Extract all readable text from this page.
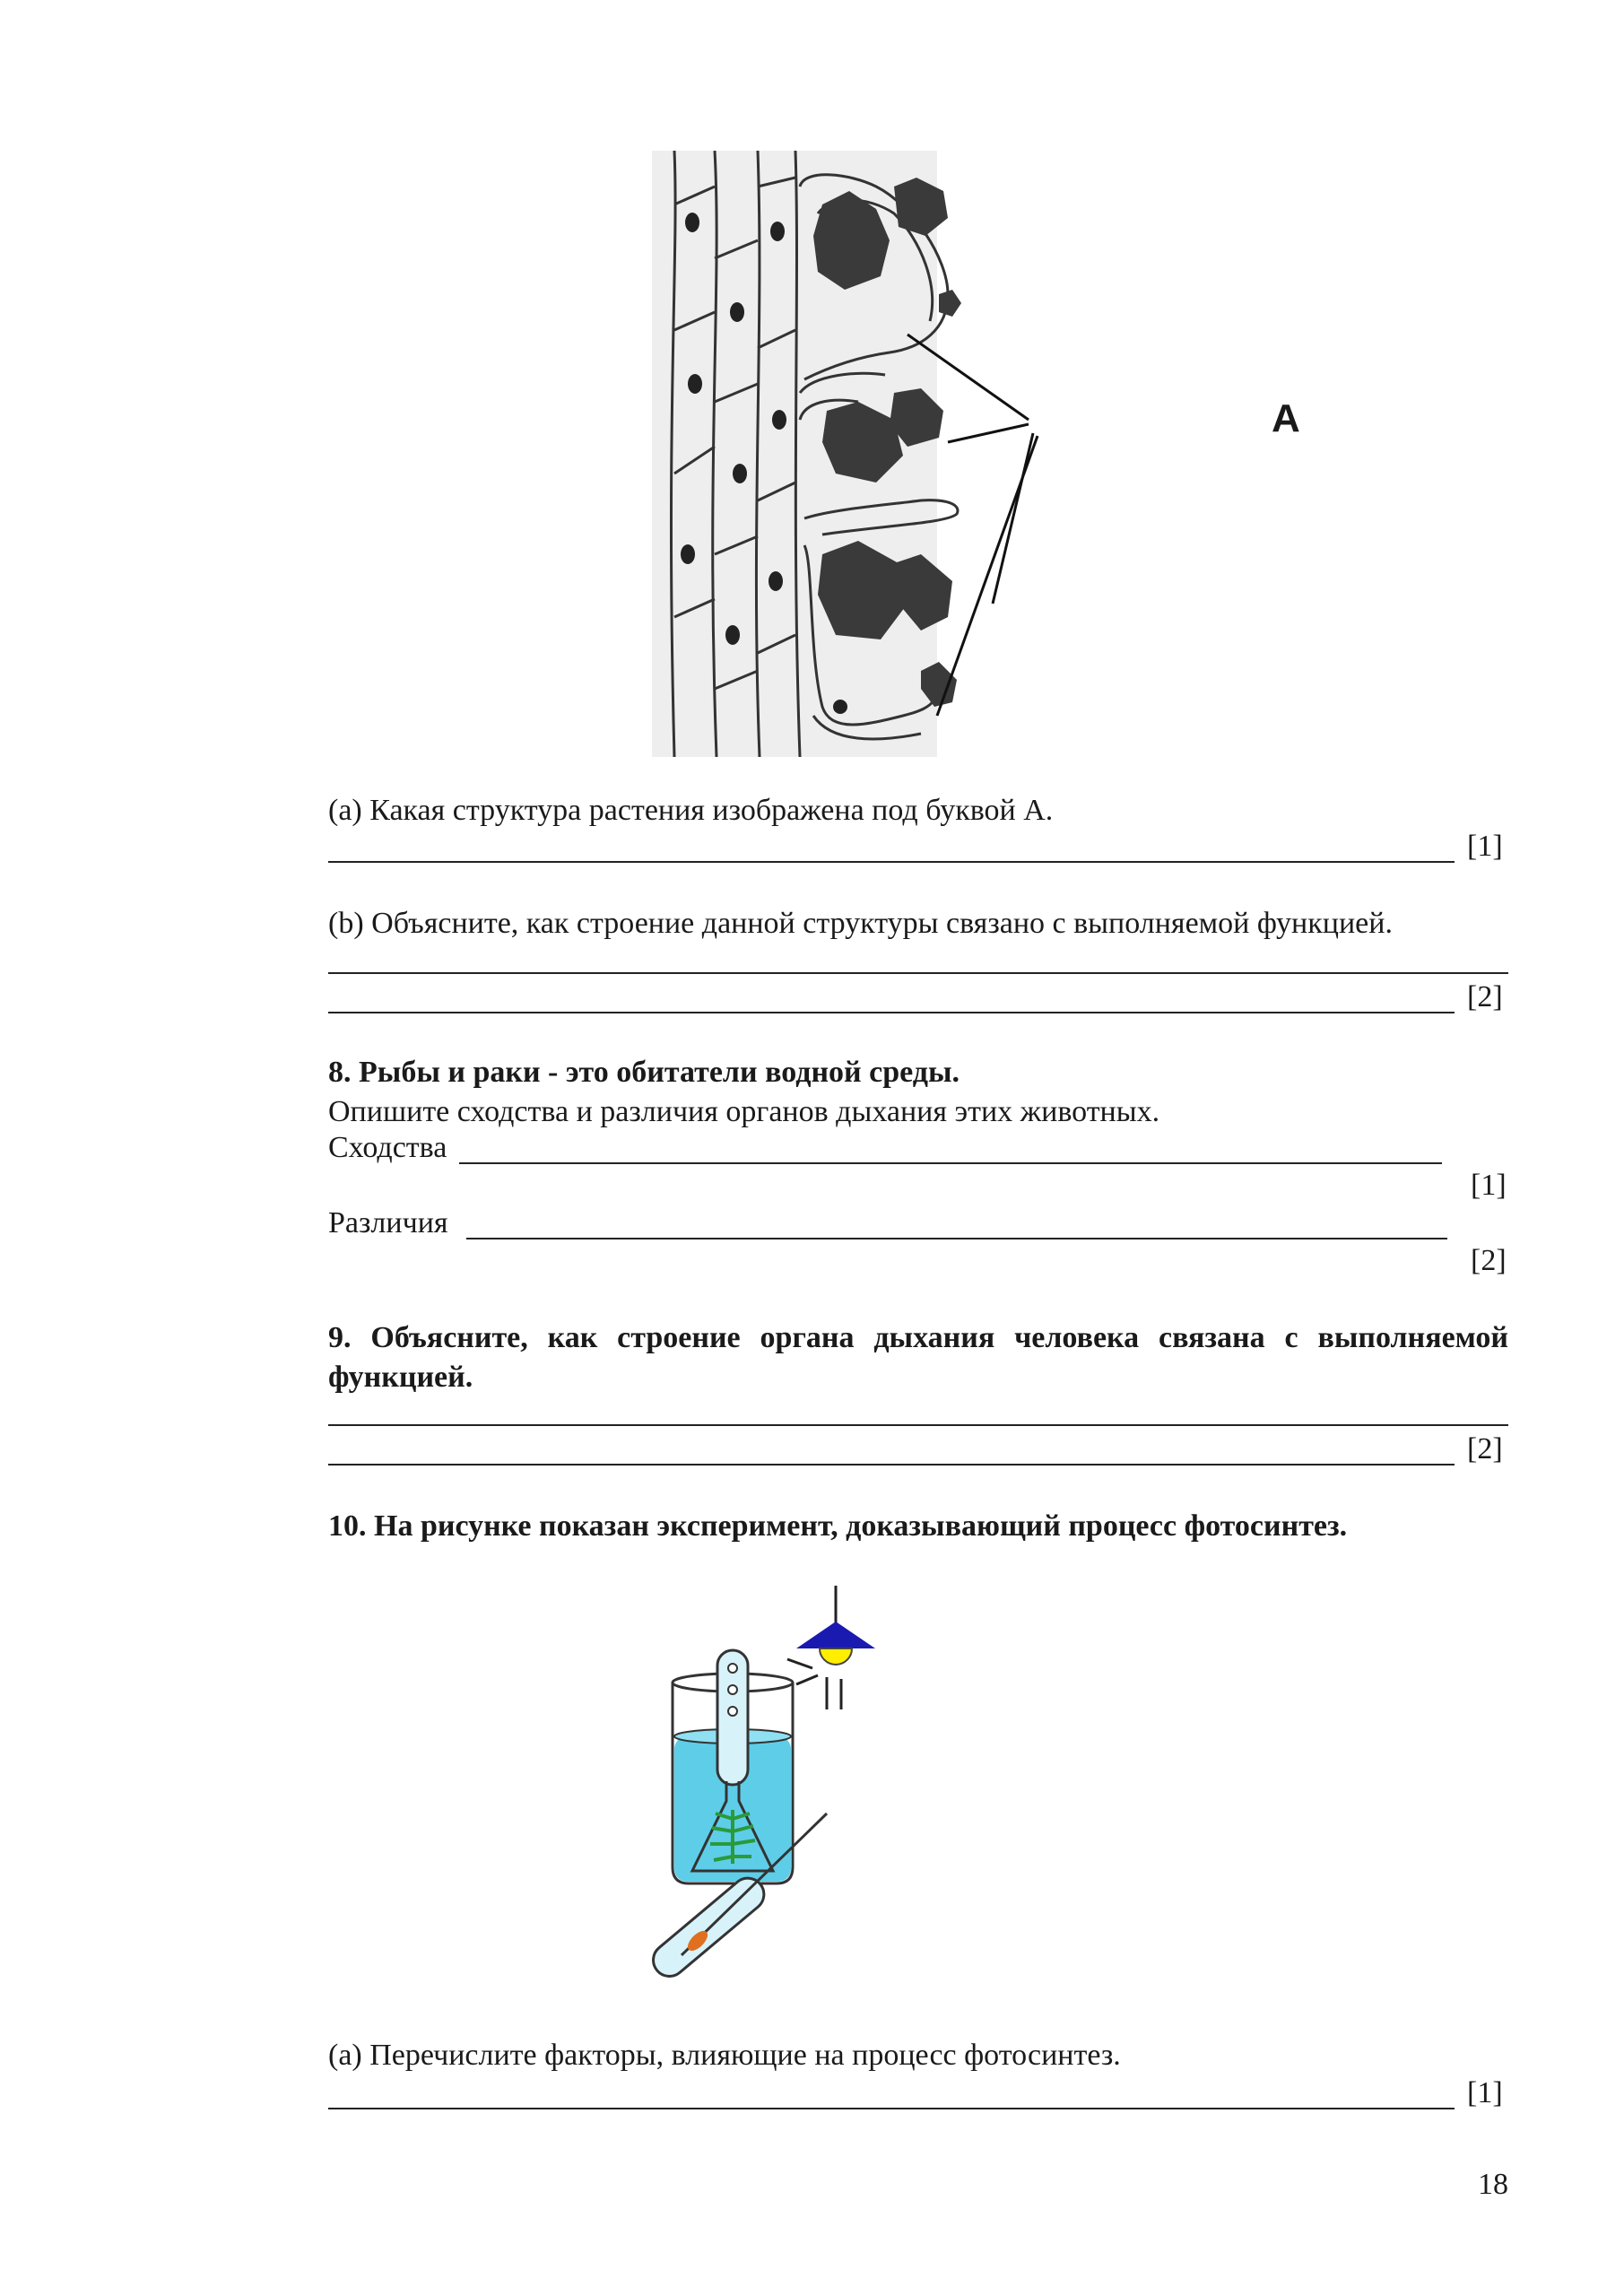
A
(a) Какая структура растения изображена под буквой А.
[1]
(b) Объясните, как строение данной структуры связано с выполняемой функцией.
[2]
8. Рыбы и раки - это обитатели водной среды.
Опишите сходства и различия органов дыхания этих животных.
Сходства
[1]
Различия
[2]
9. Объясните, как строение органа дыхания человека связана с выполняемой
функцией.
[2]
10. На рисунке показан эксперимент, доказывающий процесс фотосинтез.
(a) Перечислите факторы, влияющие на процесс фотосинтез.
[1]
18
